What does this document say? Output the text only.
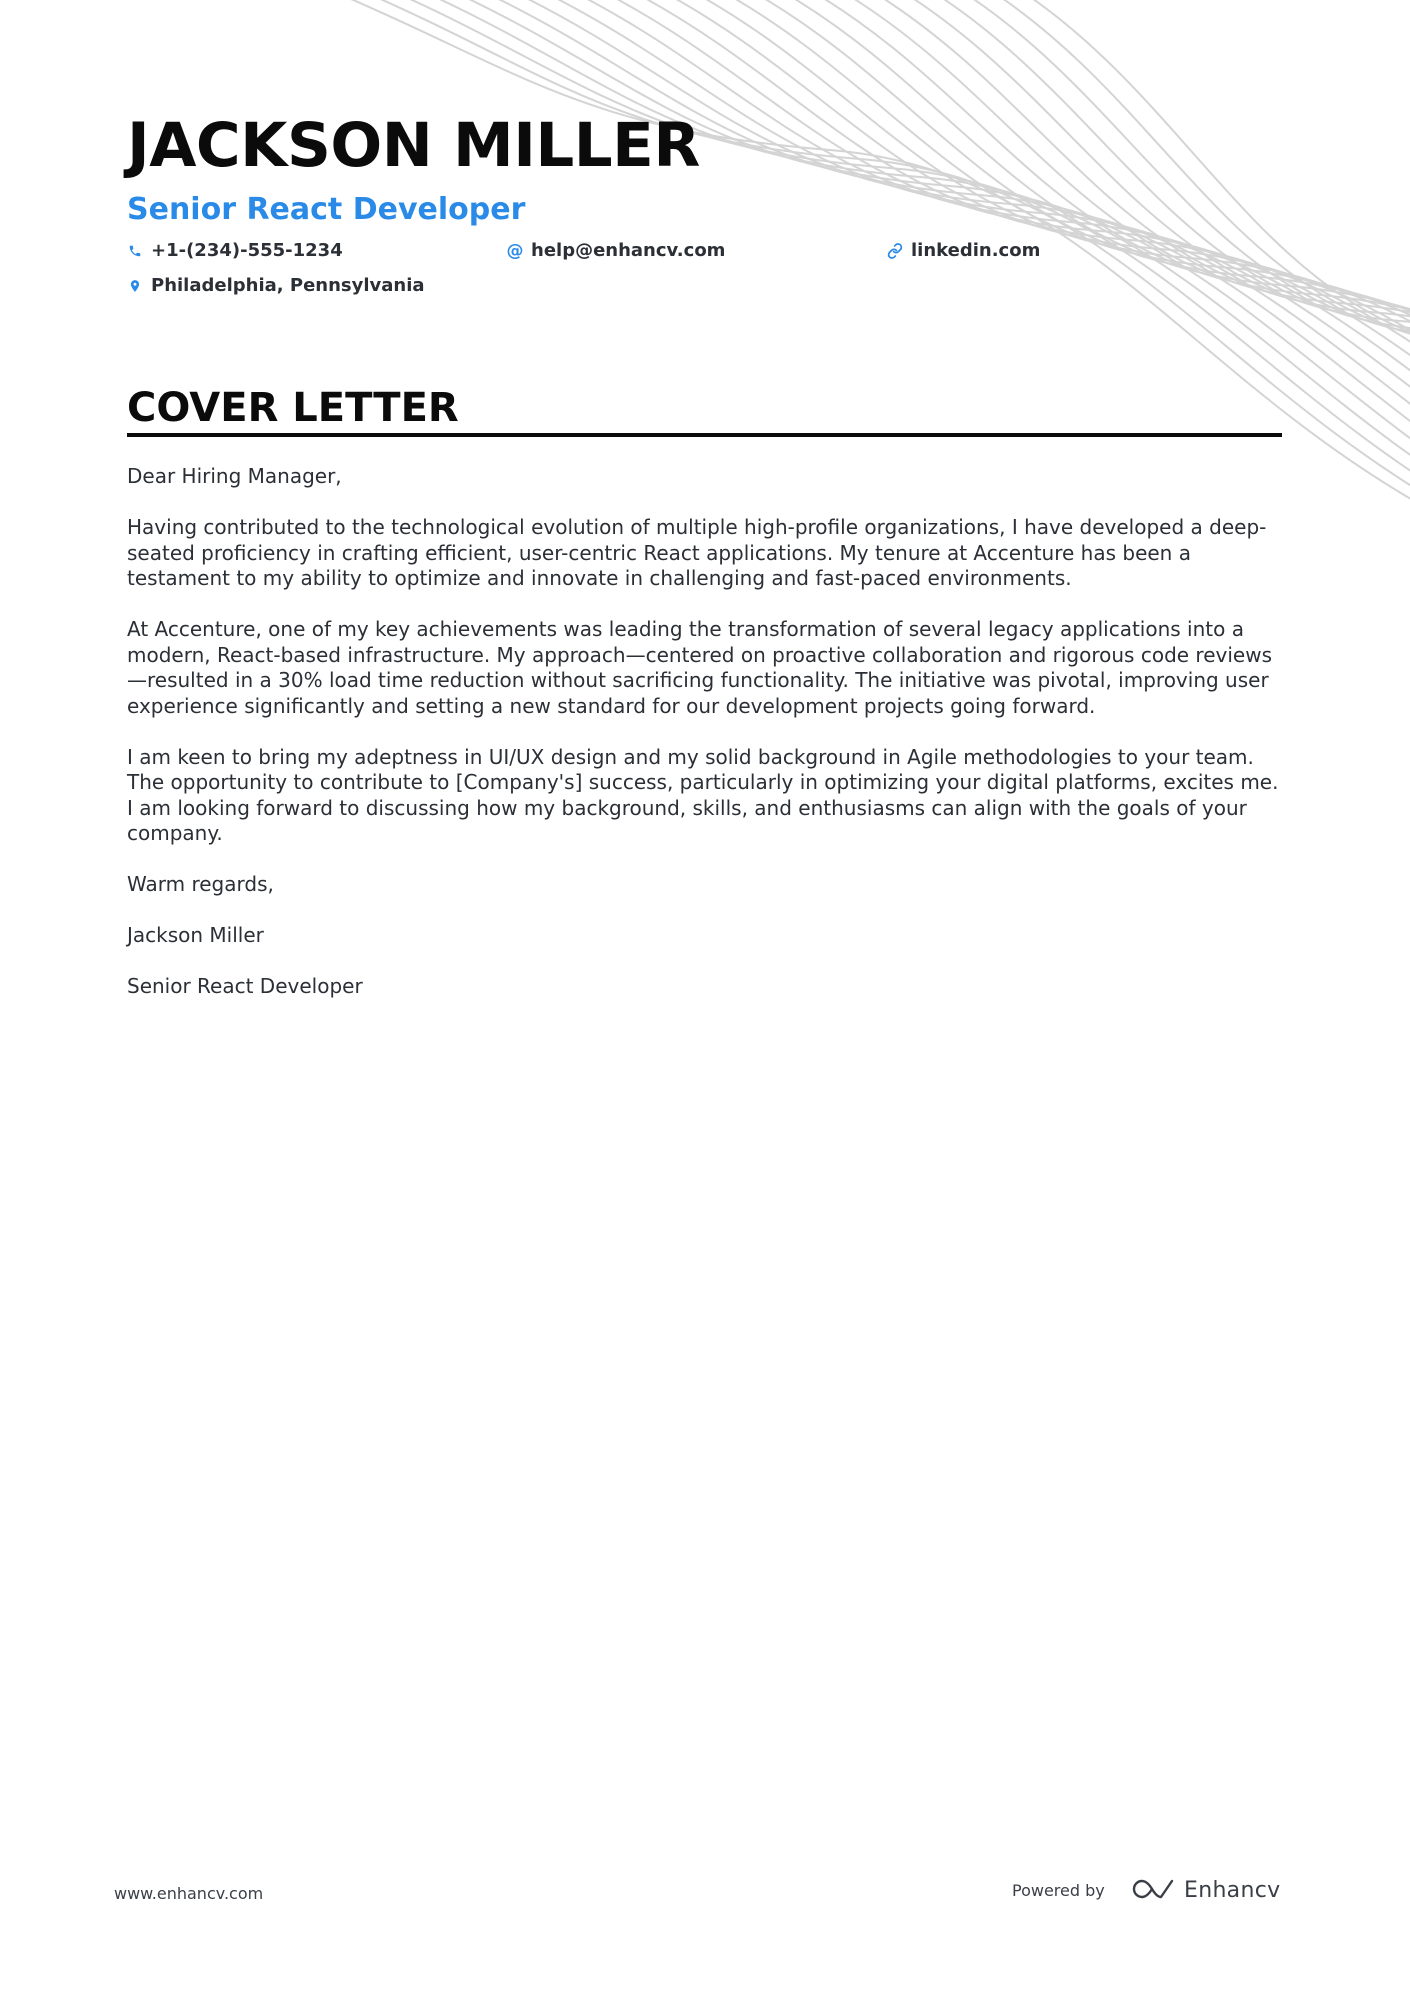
JACKSON MILLER
Senior React Developer
+1-(234)-555-1234	@ help@enhancv.com	linkedin.com
Philadelphia, Pennsylvania
COVER LETTER

Dear Hiring Manager,

Having contributed to the technological evolution of multiple high-profile organizations, I have developed a deep-seated proficiency in crafting efficient, user-centric React applications. My tenure at Accenture has been a testament to my ability to optimize and innovate in challenging and fast-paced environments.

At Accenture, one of my key achievements was leading the transformation of several legacy applications into a modern, React-based infrastructure. My approach—centered on proactive collaboration and rigorous code reviews—resulted in a 30% load time reduction without sacrificing functionality. The initiative was pivotal, improving user experience significantly and setting a new standard for our development projects going forward.

I am keen to bring my adeptness in UI/UX design and my solid background in Agile methodologies to your team. The opportunity to contribute to [Company's] success, particularly in optimizing your digital platforms, excites me. I am looking forward to discussing how my background, skills, and enthusiasms can align with the goals of your company.

Warm regards,

Jackson Miller

Senior React Developer

www.enhancv.com	Powered by	Enhancv
